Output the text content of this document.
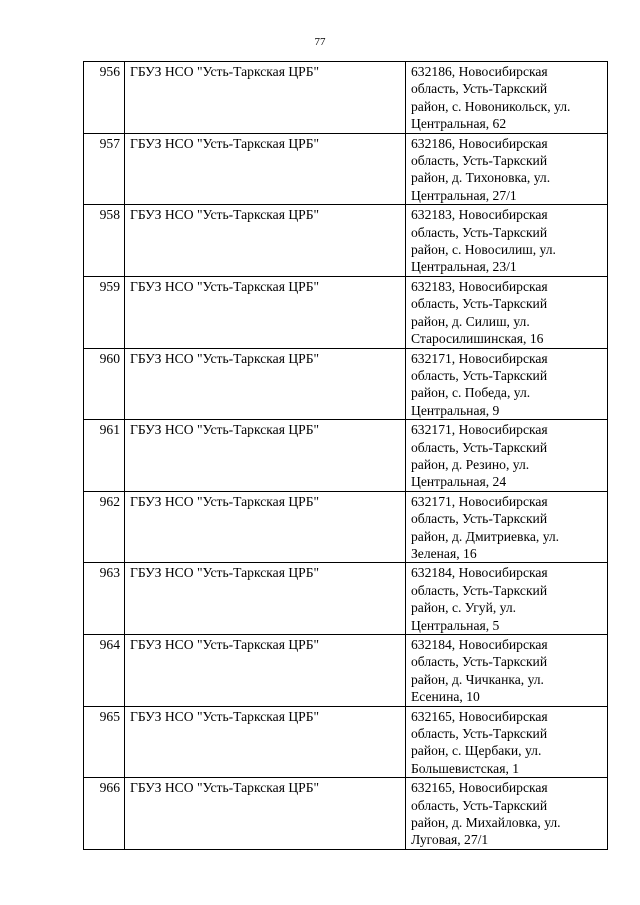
77
956	ГБУЗ НСО "Усть-Таркская ЦРБ"	632186, Новосибирская
область, Усть-Таркский
район, с. Новоникольск, ул.
Центральная, 62

957	ГБУЗ НСО "Усть-Таркская ЦРБ"	632186, Новосибирская
область, Усть-Таркский
район, д. Тихоновка, ул.
Центральная, 27/1

958	ГБУЗ НСО "Усть-Таркская ЦРБ"	632183, Новосибирская
область, Усть-Таркский
район, с. Новосилиш, ул.
Центральная, 23/1

959	ГБУЗ НСО "Усть-Таркская ЦРБ"	632183, Новосибирская
область, Усть-Таркский
район, д. Силиш, ул.
Старосилишинская, 16

960	ГБУЗ НСО "Усть-Таркская ЦРБ"	632171, Новосибирская
область, Усть-Таркский
район, с. Победа, ул.
Центральная, 9

961	ГБУЗ НСО "Усть-Таркская ЦРБ"	632171, Новосибирская
область, Усть-Таркский
район, д. Резино, ул.
Центральная, 24

962	ГБУЗ НСО "Усть-Таркская ЦРБ"	632171, Новосибирская
область, Усть-Таркский
район, д. Дмитриевка, ул.
Зеленая, 16

963	ГБУЗ НСО "Усть-Таркская ЦРБ"	632184, Новосибирская
область, Усть-Таркский
район, с. Угуй, ул.
Центральная, 5

964	ГБУЗ НСО "Усть-Таркская ЦРБ"	632184, Новосибирская
область, Усть-Таркский
район, д. Чичканка, ул.
Есенина, 10

965	ГБУЗ НСО "Усть-Таркская ЦРБ"	632165, Новосибирская
область, Усть-Таркский
район, с. Щербаки, ул.
Большевистская, 1

966	ГБУЗ НСО "Усть-Таркская ЦРБ"	632165, Новосибирская
область, Усть-Таркский
район, д. Михайловка, ул.
Луговая, 27/1
